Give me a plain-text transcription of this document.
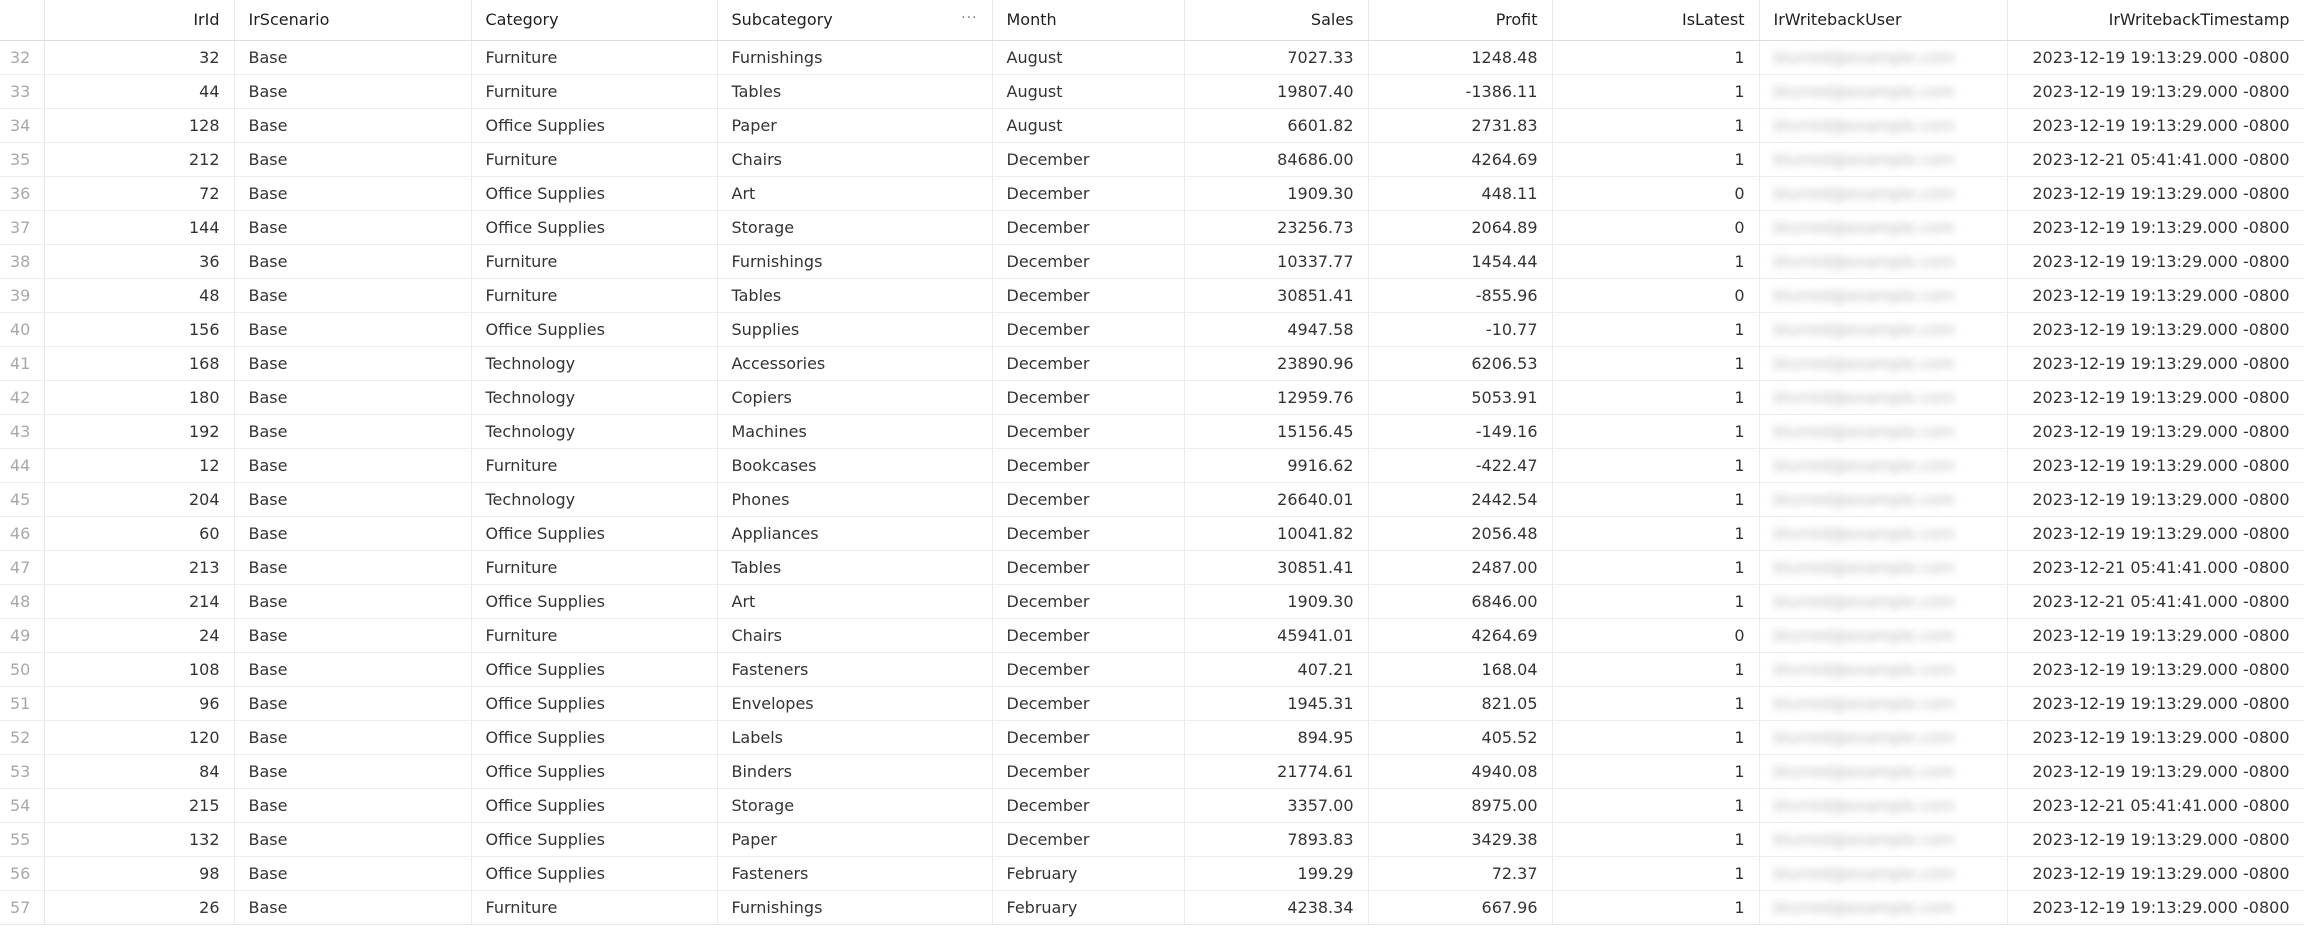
	IrId	IrScenario	Category	Subcategory ···	Month	Sales	Profit	IsLatest	IrWritebackUser	IrWritebackTimestamp
32	32	Base	Furniture	Furnishings	August	7027.33	1248.48	1	blurred@example.com	2023-12-19 19:13:29.000 -0800
33	44	Base	Furniture	Tables	August	19807.40	-1386.11	1	blurred@example.com	2023-12-19 19:13:29.000 -0800
34	128	Base	Office Supplies	Paper	August	6601.82	2731.83	1	blurred@example.com	2023-12-19 19:13:29.000 -0800
35	212	Base	Furniture	Chairs	December	84686.00	4264.69	1	blurred@example.com	2023-12-21 05:41:41.000 -0800
36	72	Base	Office Supplies	Art	December	1909.30	448.11	0	blurred@example.com	2023-12-19 19:13:29.000 -0800
37	144	Base	Office Supplies	Storage	December	23256.73	2064.89	0	blurred@example.com	2023-12-19 19:13:29.000 -0800
38	36	Base	Furniture	Furnishings	December	10337.77	1454.44	1	blurred@example.com	2023-12-19 19:13:29.000 -0800
39	48	Base	Furniture	Tables	December	30851.41	-855.96	0	blurred@example.com	2023-12-19 19:13:29.000 -0800
40	156	Base	Office Supplies	Supplies	December	4947.58	-10.77	1	blurred@example.com	2023-12-19 19:13:29.000 -0800
41	168	Base	Technology	Accessories	December	23890.96	6206.53	1	blurred@example.com	2023-12-19 19:13:29.000 -0800
42	180	Base	Technology	Copiers	December	12959.76	5053.91	1	blurred@example.com	2023-12-19 19:13:29.000 -0800
43	192	Base	Technology	Machines	December	15156.45	-149.16	1	blurred@example.com	2023-12-19 19:13:29.000 -0800
44	12	Base	Furniture	Bookcases	December	9916.62	-422.47	1	blurred@example.com	2023-12-19 19:13:29.000 -0800
45	204	Base	Technology	Phones	December	26640.01	2442.54	1	blurred@example.com	2023-12-19 19:13:29.000 -0800
46	60	Base	Office Supplies	Appliances	December	10041.82	2056.48	1	blurred@example.com	2023-12-19 19:13:29.000 -0800
47	213	Base	Furniture	Tables	December	30851.41	2487.00	1	blurred@example.com	2023-12-21 05:41:41.000 -0800
48	214	Base	Office Supplies	Art	December	1909.30	6846.00	1	blurred@example.com	2023-12-21 05:41:41.000 -0800
49	24	Base	Furniture	Chairs	December	45941.01	4264.69	0	blurred@example.com	2023-12-19 19:13:29.000 -0800
50	108	Base	Office Supplies	Fasteners	December	407.21	168.04	1	blurred@example.com	2023-12-19 19:13:29.000 -0800
51	96	Base	Office Supplies	Envelopes	December	1945.31	821.05	1	blurred@example.com	2023-12-19 19:13:29.000 -0800
52	120	Base	Office Supplies	Labels	December	894.95	405.52	1	blurred@example.com	2023-12-19 19:13:29.000 -0800
53	84	Base	Office Supplies	Binders	December	21774.61	4940.08	1	blurred@example.com	2023-12-19 19:13:29.000 -0800
54	215	Base	Office Supplies	Storage	December	3357.00	8975.00	1	blurred@example.com	2023-12-21 05:41:41.000 -0800
55	132	Base	Office Supplies	Paper	December	7893.83	3429.38	1	blurred@example.com	2023-12-19 19:13:29.000 -0800
56	98	Base	Office Supplies	Fasteners	February	199.29	72.37	1	blurred@example.com	2023-12-19 19:13:29.000 -0800
57	26	Base	Furniture	Furnishings	February	4238.34	667.96	1	blurred@example.com	2023-12-19 19:13:29.000 -0800
